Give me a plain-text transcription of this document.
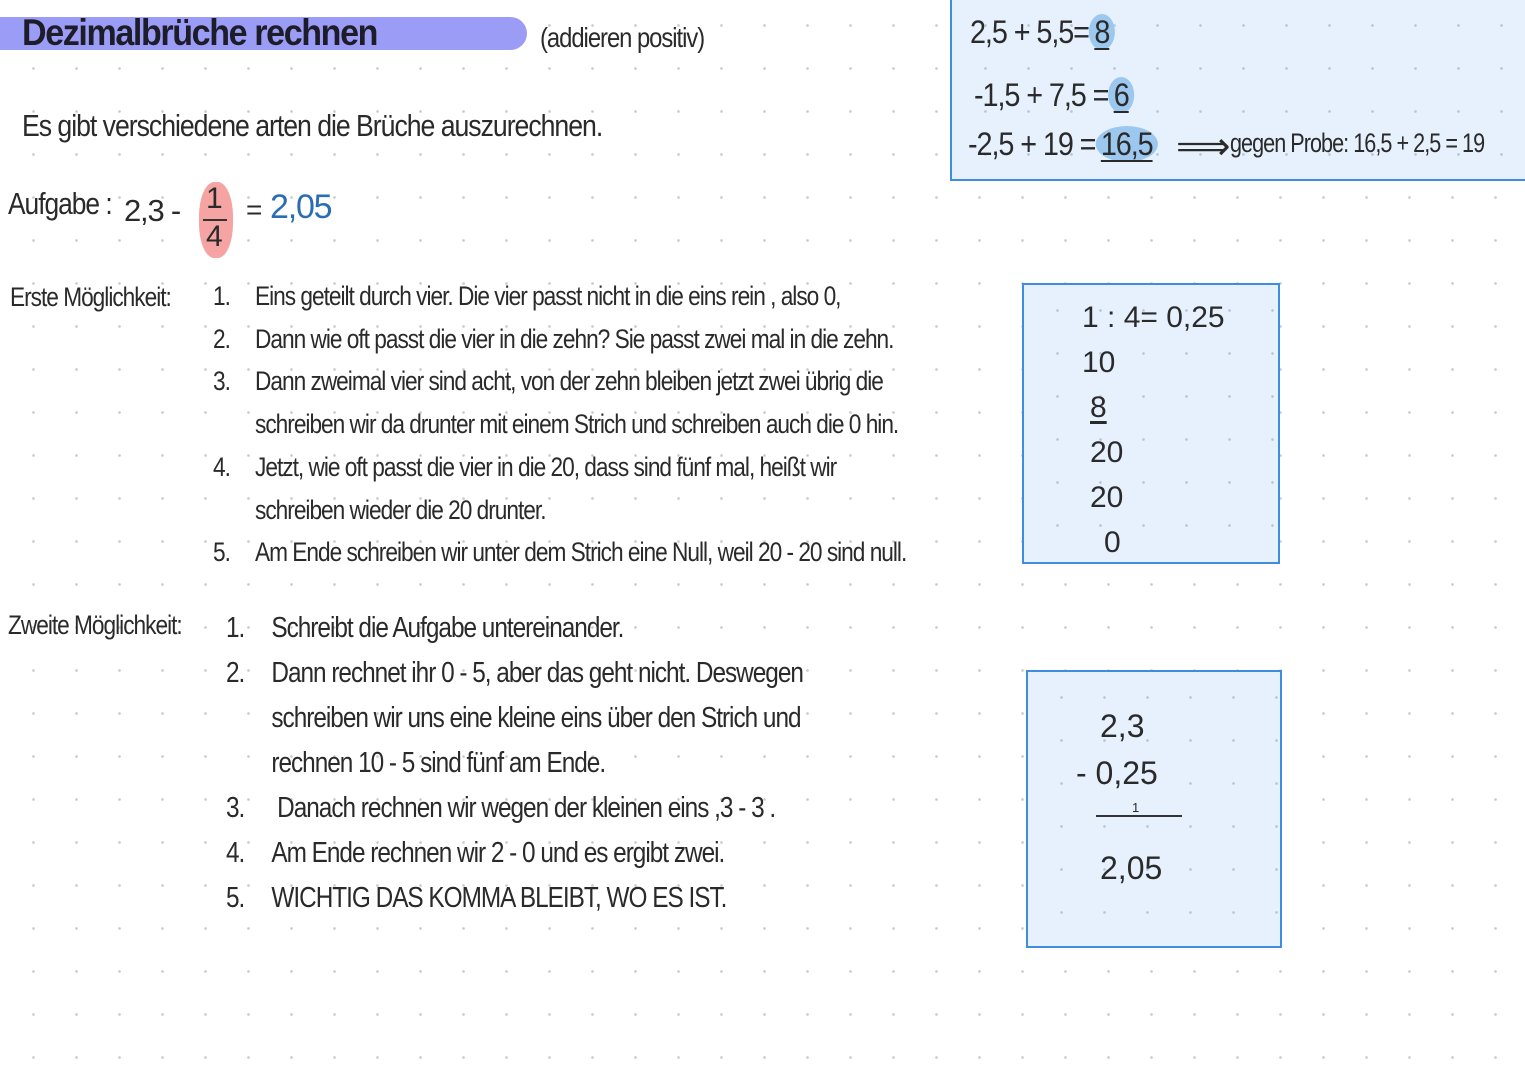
Dezimalbrüche rechnen	(addieren positiv)	2,5 + 5,5= 8
-1,5 + 7,5 = 6
-2,5 + 19 = 16,5 ⟹ gegen Probe: 16,5 + 2,5 = 19
Es gibt verschiedene arten die Brüche auszurechnen.
Aufgabe : 2,3 - 1
4
= 2,05
Erste Möglichkeit: 1. Eins geteilt durch vier. Die vier passt nicht in die eins rein , also 0,
2. Dann wie oft passt die vier in die zehn? Sie passt zwei mal in die zehn.
3. Dann zweimal vier sind acht, von der zehn bleiben jetzt zwei übrig die
schreiben wir da drunter mit einem Strich und schreiben auch die 0 hin.
4. Jetzt, wie oft passt die vier in die 20, dass sind fünf mal, heißt wir
schreiben wieder die 20 drunter.
5. Am Ende schreiben wir unter dem Strich eine Null, weil 20 - 20 sind null.
1 : 4= 0,25
10
8
20
20
0
Zweite Möglichkeit: 1. Schreibt die Aufgabe untereinander.
2. Dann rechnet ihr 0 - 5, aber das geht nicht. Deswegen
schreiben wir uns eine kleine eins über den Strich und
rechnen 10 - 5 sind fünf am Ende.
3. Danach rechnen wir wegen der kleinen eins ,3 - 3 .
4. Am Ende rechnen wir 2 - 0 und es ergibt zwei.
5. WICHTIG DAS KOMMA BLEIBT, WO ES IST.
2,3
- 0,25
1
2,05
